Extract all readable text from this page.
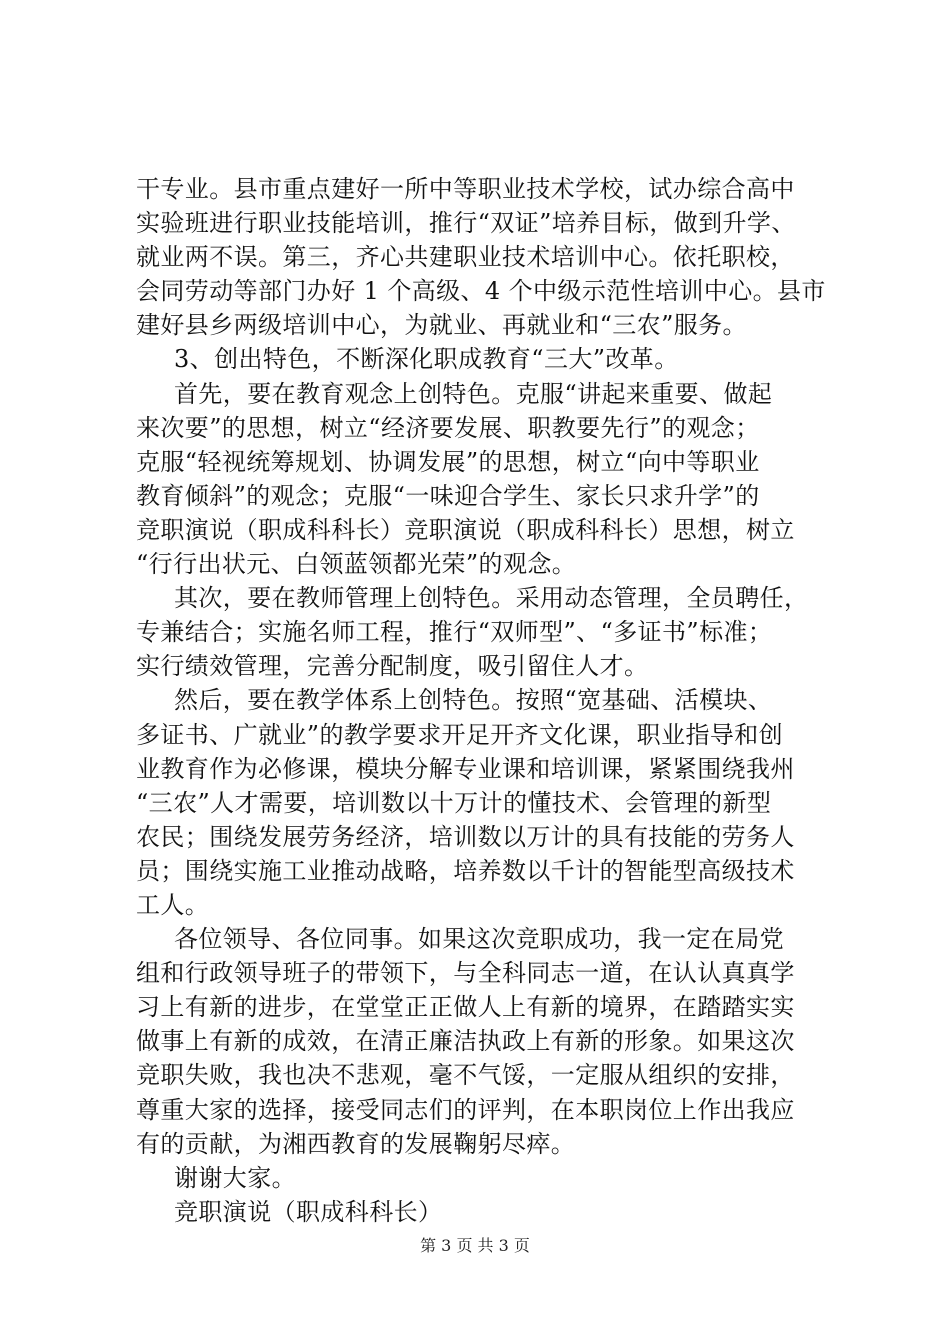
干专业。县市重点建好一所中等职业技术学校，试办综合高中
实验班进行职业技能培训，推行“双证”培养目标，做到升学、
就业两不误。第三，齐心共建职业技术培训中心。依托职校，
会同劳动等部门办好 1 个高级、4 个中级示范性培训中心。县市
建好县乡两级培训中心，为就业、再就业和“三农”服务。
3、创出特色，不断深化职成教育“三大”改革。
首先，要在教育观念上创特色。克服“讲起来重要、做起
来次要”的思想，树立“经济要发展、职教要先行”的观念；
克服“轻视统筹规划、协调发展”的思想，树立“向中等职业
教育倾斜”的观念；克服“一味迎合学生、家长只求升学”的
竞职演说（职成科科长）竞职演说（职成科科长）思想，树立
“行行出状元、白领蓝领都光荣”的观念。
其次，要在教师管理上创特色。采用动态管理，全员聘任，
专兼结合；实施名师工程，推行“双师型”、“多证书”标准；
实行绩效管理，完善分配制度，吸引留住人才。
然后，要在教学体系上创特色。按照“宽基础、活模块、
多证书、广就业”的教学要求开足开齐文化课，职业指导和创
业教育作为必修课，模块分解专业课和培训课，紧紧围绕我州
“三农”人才需要，培训数以十万计的懂技术、会管理的新型
农民；围绕发展劳务经济，培训数以万计的具有技能的劳务人
员；围绕实施工业推动战略，培养数以千计的智能型高级技术
工人。
各位领导、各位同事。如果这次竞职成功，我一定在局党
组和行政领导班子的带领下，与全科同志一道，在认认真真学
习上有新的进步，在堂堂正正做人上有新的境界，在踏踏实实
做事上有新的成效，在清正廉洁执政上有新的形象。如果这次
竞职失败，我也决不悲观，毫不气馁，一定服从组织的安排，
尊重大家的选择，接受同志们的评判，在本职岗位上作出我应
有的贡献，为湘西教育的发展鞠躬尽瘁。
谢谢大家。
竞职演说（职成科科长）
第 3 页 共 3 页
